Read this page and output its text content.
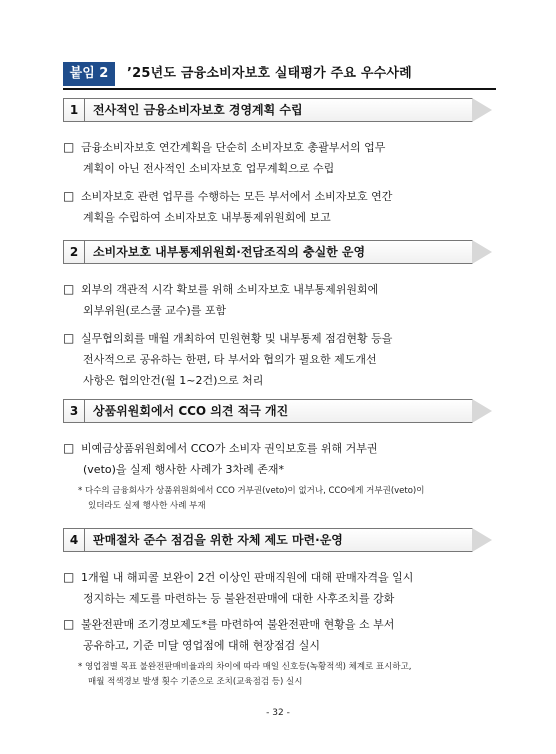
붙임 2	’25년도 금융소비자보호 실태평가 주요 우수사례
1	전사적인 금융소비자보호 경영계획 수립
□ 금융소비자보호 연간계획을 단순히 소비자보호 총괄부서의 업무
계획이 아닌 전사적인 소비자보호 업무계획으로 수립
□ 소비자보호 관련 업무를 수행하는 모든 부서에서 소비자보호 연간
계획을 수립하여 소비자보호 내부통제위원회에 보고
2	소비자보호 내부통제위원회·전담조직의 충실한 운영
□ 외부의 객관적 시각 확보를 위해 소비자보호 내부통제위원회에
외부위원(로스쿨 교수)를 포함
□ 실무협의회를 매월 개최하여 민원현황 및 내부통제 점검현황 등을
전사적으로 공유하는 한편, 타 부서와 협의가 필요한 제도개선
사항은 협의안건(월 1~2건)으로 처리
3	상품위원회에서 CCO 의견 적극 개진
□ 비예금상품위원회에서 CCO가 소비자 권익보호를 위해 거부권
(veto)을 실제 행사한 사례가 3차례 존재*
* 다수의 금융회사가 상품위원회에서 CCO 거부권(veto)이 없거나, CCO에게 거부권(veto)이
있더라도 실제 행사한 사례 부재
4	판매절차 준수 점검을 위한 자체 제도 마련·운영
□ 1개월 내 해피콜 보완이 2건 이상인 판매직원에 대해 판매자격을 일시
정지하는 제도를 마련하는 등 불완전판매에 대한 사후조치를 강화
□ 불완전판매 조기경보제도*를 마련하여 불완전판매 현황을 소 부서
공유하고, 기준 미달 영업점에 대해 현장점검 실시
* 영업점별 목표 불완전판매비율과의 차이에 따라 매일 신호등(녹황적색) 체계로 표시하고,
매월 적색경보 발생 횟수 기준으로 조치(교육점검 등) 실시
- 32 -
